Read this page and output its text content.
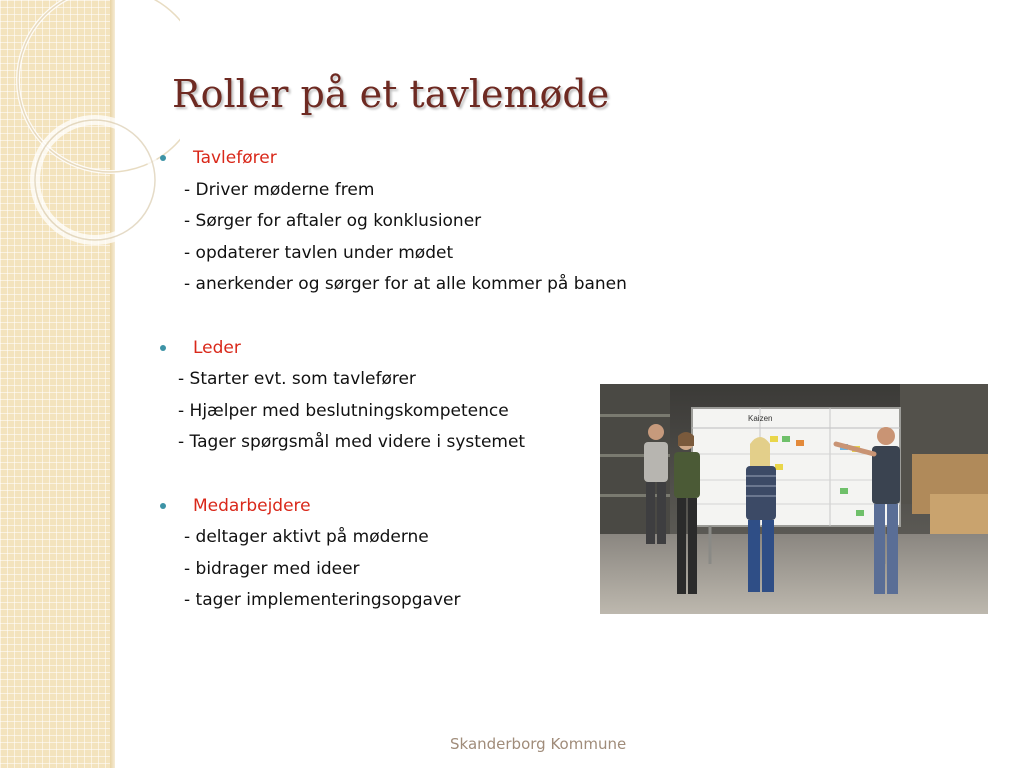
Roller på et tavlemøde
Tavlefører
- Driver møderne frem
- Sørger for aftaler og konklusioner
- opdaterer tavlen under mødet
- anerkender og sørger for at alle kommer på banen
Leder
- Starter evt. som tavlefører
- Hjælper med beslutningskompetence
- Tager spørgsmål med videre i systemet
Medarbejdere
- deltager aktivt på møderne
- bidrager med ideer
- tager implementeringsopgaver
Kaizen
Skanderborg Kommune
